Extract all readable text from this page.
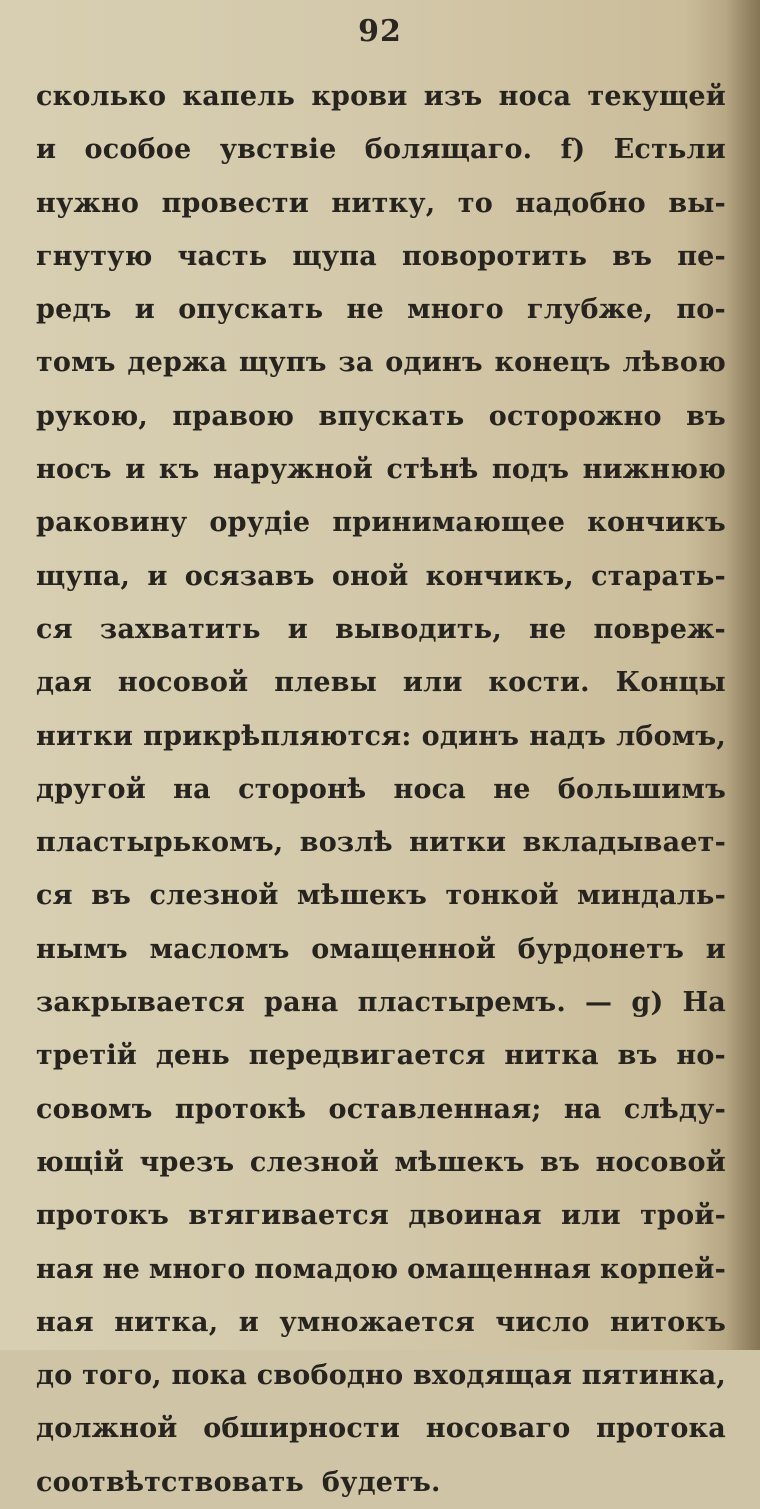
92
сколько капель крови изъ носа текущей
и особое увствіе болящаго. f) Естьли
нужно провести нитку, то надобно вы-
гнутую часть щупа поворотить въ пе-
редъ и опускать не много глубже, по-
томъ держа щупъ за одинъ конецъ лѣвою
рукою, правою впускать осторожно въ
носъ и къ наружной стѣнѣ подъ нижнюю
раковину орудіе принимающее кончикъ
щупа, и осязавъ оной кончикъ, старать-
ся захватить и выводить, не повреж-
дая носовой плевы или кости. Концы
нитки прикрѣпляются: одинъ надъ лбомъ,
другой на сторонѣ носа не большимъ
пластырькомъ, возлѣ нитки вкладывает-
ся въ слезной мѣшекъ тонкой миндаль-
нымъ масломъ омащенной бурдонетъ и
закрывается рана пластыремъ. — g) На
третій день передвигается нитка въ но-
совомъ протокѣ оставленная; на слѣду-
ющій чрезъ слезной мѣшекъ въ носовой
протокъ втягивается двоиная или трой-
ная не много помадою омащенная корпей-
ная нитка, и умножается число нитокъ
до того, пока свободно входящая пятинка,
должной обширности носоваго протока
соотвѣтствовать будетъ.
